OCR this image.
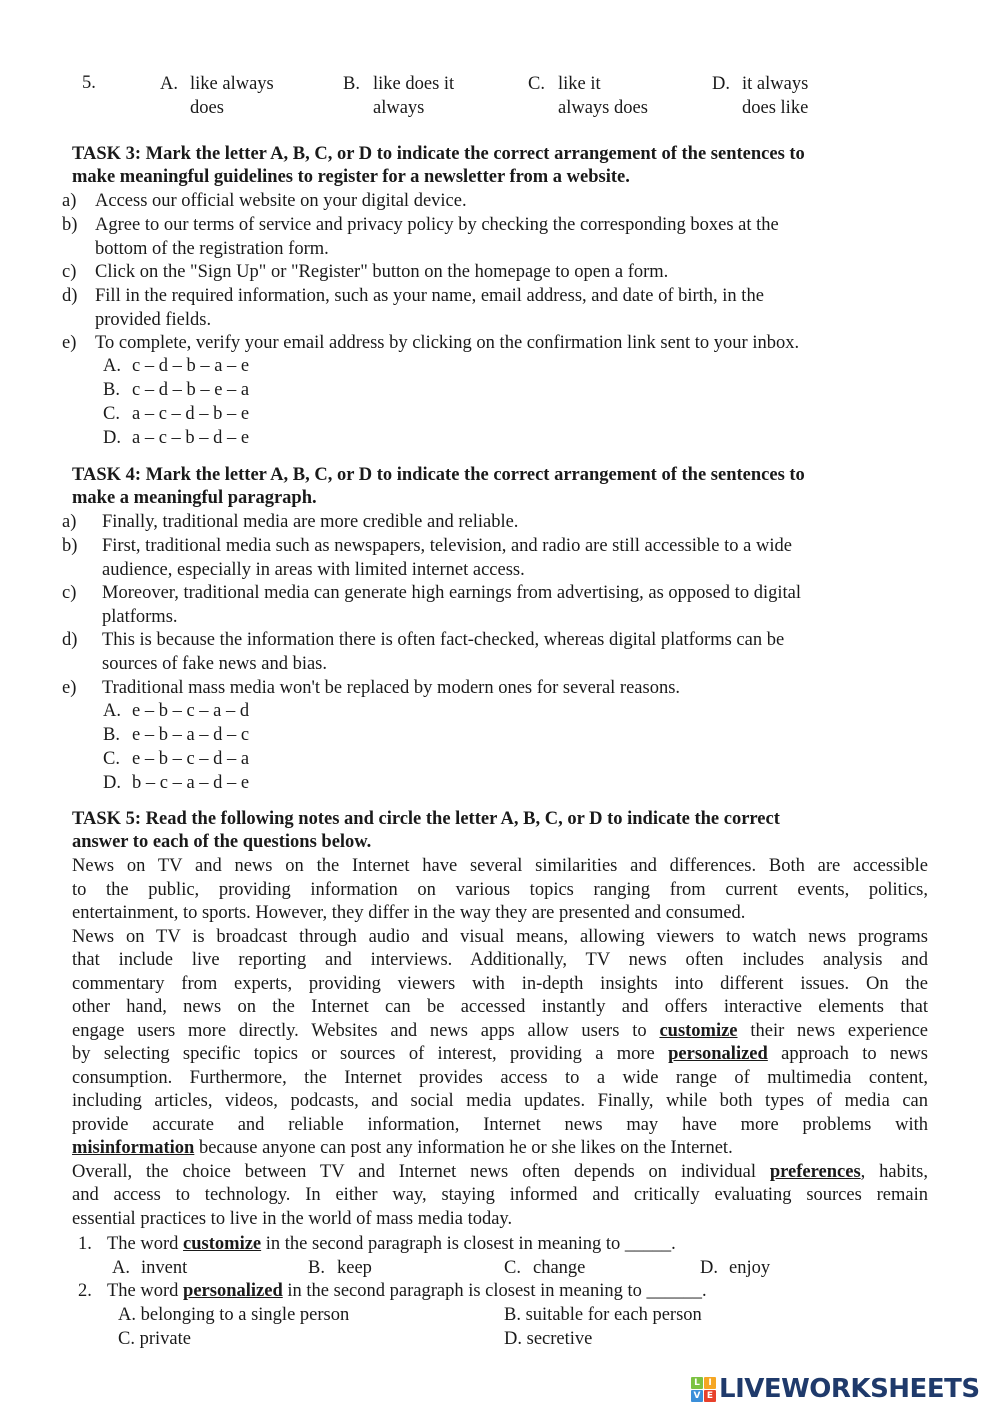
5.	A. like always
does
B. like does it
always
C. like it
always does
D. it always
does like
TASK 3: Mark the letter A, B, C, or D to indicate the correct arrangement of the sentences to
make meaningful guidelines to register for a newsletter from a website.
a) Access our official website on your digital device.
b) Agree to our terms of service and privacy policy by checking the corresponding boxes at the
bottom of the registration form.
c) Click on the "Sign Up" or "Register" button on the homepage to open a form.
d) Fill in the required information, such as your name, email address, and date of birth, in the
provided fields.
e) To complete, verify your email address by clicking on the confirmation link sent to your inbox.
A. c – d – b – a – e
B. c – d – b – e – a
C. a – c – d – b – e
D. a – c – b – d – e
TASK 4: Mark the letter A, B, C, or D to indicate the correct arrangement of the sentences to
make a meaningful paragraph.
a) Finally, traditional media are more credible and reliable.
b) First, traditional media such as newspapers, television, and radio are still accessible to a wide
audience, especially in areas with limited internet access.
c) Moreover, traditional media can generate high earnings from advertising, as opposed to digital
platforms.
d) This is because the information there is often fact-checked, whereas digital platforms can be
sources of fake news and bias.
e) Traditional mass media won't be replaced by modern ones for several reasons.
A. e – b – c – a – d
B. e – b – a – d – c
C. e – b – c – d – a
D. b – c – a – d – e
TASK 5: Read the following notes and circle the letter A, B, C, or D to indicate the correct
answer to each of the questions below.
News on TV and news on the Internet have several similarities and differences. Both are accessible
to the public, providing information on various topics ranging from current events, politics,
entertainment, to sports. However, they differ in the way they are presented and consumed.
News on TV is broadcast through audio and visual means, allowing viewers to watch news programs
that include live reporting and interviews. Additionally, TV news often includes analysis and
commentary from experts, providing viewers with in-depth insights into different issues. On the
other hand, news on the Internet can be accessed instantly and offers interactive elements that
engage users more directly. Websites and news apps allow users to customize their news experience
by selecting specific topics or sources of interest, providing a more personalized approach to news
consumption. Furthermore, the Internet provides access to a wide range of multimedia content,
including articles, videos, podcasts, and social media updates. Finally, while both types of media can
provide accurate and reliable information, Internet news may have more problems with
misinformation because anyone can post any information he or she likes on the Internet.
Overall, the choice between TV and Internet news often depends on individual preferences, habits,
and access to technology. In either way, staying informed and critically evaluating sources remain
essential practices to live in the world of mass media today.
1. The word customize in the second paragraph is closest in meaning to _____.
A. invent	B. keep	C. change	D. enjoy
2. The word personalized in the second paragraph is closest in meaning to ______.
A. belonging to a single person	B. suitable for each person
C. private	D. secretive
L I
V E LIVEWORKSHEETS
